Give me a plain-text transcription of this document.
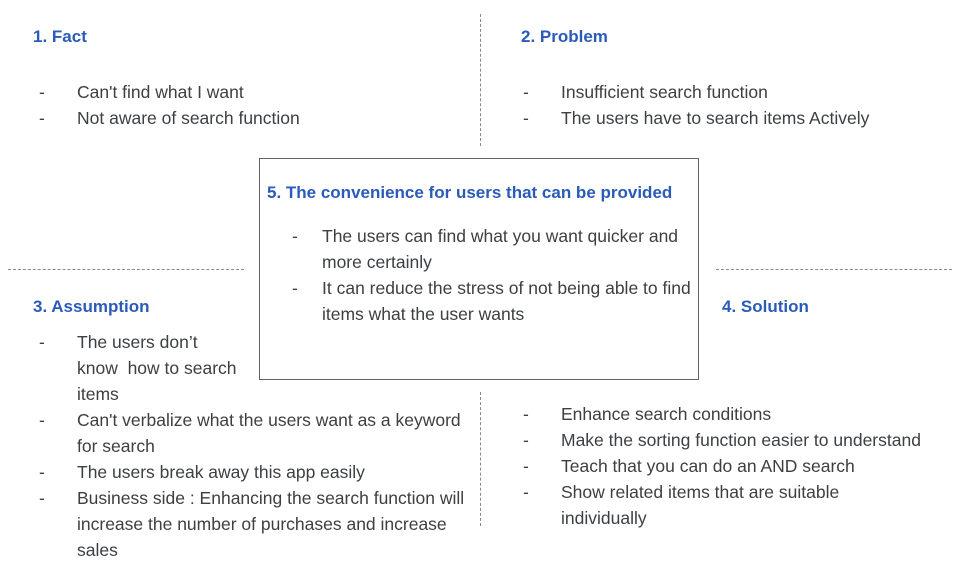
1. Fact
- Can't find what I want
- Not aware of search function
2. Problem
- Insufficient search function
- The users have to search items Actively
3. Assumption
- The users don’t know  how to search items
- Can't verbalize what the users want as a keyword for search
- The users break away this app easily
- Business side : Enhancing the search function will increase the number of purchases and increase sales
4. Solution
- Enhance search conditions
- Make the sorting function easier to understand
- Teach that you can do an AND search
- Show related items that are suitable individually
5. The convenience for users that can be provided
- The users can find what you want quicker and more certainly
- It can reduce the stress of not being able to find items what the user wants
